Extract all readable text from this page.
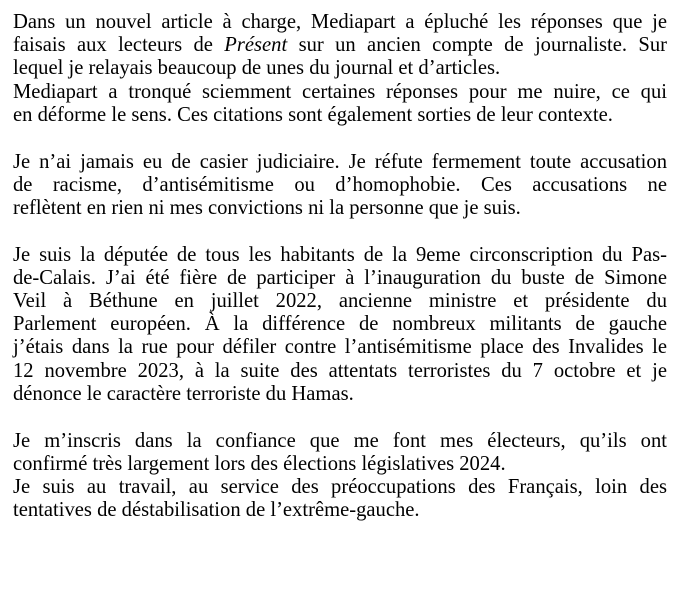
Dans un nouvel article à charge, Mediapart a épluché les réponses que je
faisais aux lecteurs de Présent sur un ancien compte de journaliste. Sur
lequel je relayais beaucoup de unes du journal et d’articles.
Mediapart a tronqué sciemment certaines réponses pour me nuire, ce qui
en déforme le sens. Ces citations sont également sorties de leur contexte.
Je n’ai jamais eu de casier judiciaire. Je réfute fermement toute accusation
de racisme, d’antisémitisme ou d’homophobie. Ces accusations ne
reflètent en rien ni mes convictions ni la personne que je suis.
Je suis la députée de tous les habitants de la 9eme circonscription du Pas-
de-Calais. J’ai été fière de participer à l’inauguration du buste de Simone
Veil à Béthune en juillet 2022, ancienne ministre et présidente du
Parlement européen. À la différence de nombreux militants de gauche
j’étais dans la rue pour défiler contre l’antisémitisme place des Invalides le
12 novembre 2023, à la suite des attentats terroristes du 7 octobre et je
dénonce le caractère terroriste du Hamas.
Je m’inscris dans la confiance que me font mes électeurs, qu’ils ont
confirmé très largement lors des élections législatives 2024.
Je suis au travail, au service des préoccupations des Français, loin des
tentatives de déstabilisation de l’extrême-gauche.
